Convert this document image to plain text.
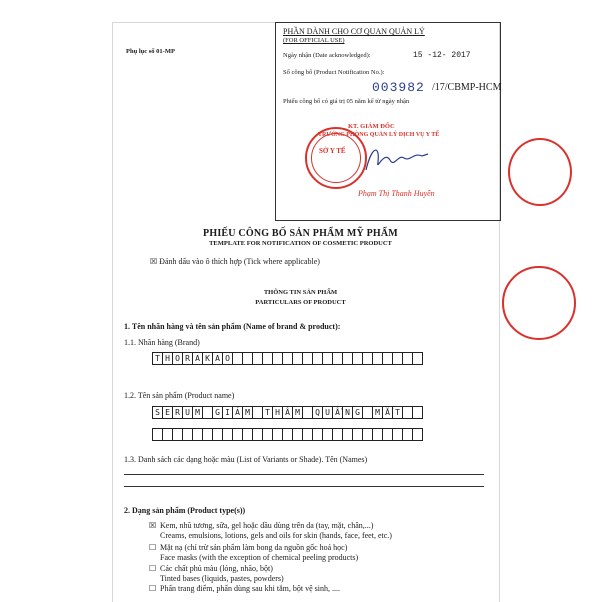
Phụ lục số 01-MP
PHẦN DÀNH CHO CƠ QUAN QUẢN LÝ
(FOR OFFICIAL USE)
Ngày nhận (Date acknowledged):	15 -12- 2017
Số công bố (Product Notification No.):
003982 /17/CBMP-HCM
Phiếu công bố có giá trị 05 năm kể từ ngày nhận
SỞ Y TẾ
KT. GIÁM ĐỐC
TRƯỞNG PHÒNG QUẢN LÝ DỊCH VỤ Y TẾ
Phạm Thị Thanh Huyền
PHIẾU CÔNG BỐ SẢN PHẨM MỸ PHẨM
TEMPLATE FOR NOTIFICATION OF COSMETIC PRODUCT
☒ Đánh dấu vào ô thích hợp (Tick where applicable)
THÔNG TIN SẢN PHẨM
PARTICULARS OF PRODUCT
1. Tên nhãn hàng và tên sản phẩm (Name of brand & product):
1.1. Nhãn hàng (Brand)
T H O R A K A O
1.2. Tên sản phẩm (Product name)
S E R U M	G I Ả M	T H Â M	Q U Ầ N G	M Ắ T
1.3. Danh sách các dạng hoặc màu (List of Variants or Shade). Tên (Names)
2. Dạng sản phẩm (Product type(s))
☒ Kem, nhũ tương, sữa, gel hoặc dầu dùng trên da (tay, mặt, chân,...)
Creams, emulsions, lotions, gels and oils for skin (hands, face, feet, etc.)
☐ Mặt nạ (chỉ trừ sản phẩm làm bong da nguồn gốc hoá học)
Face masks (with the exception of chemical peeling products)
☐ Các chất phủ màu (lỏng, nhão, bột)
Tinted bases (liquids, pastes, powders)
☐ Phấn trang điểm, phấn dùng sau khi tắm, bột vệ sinh, ....
